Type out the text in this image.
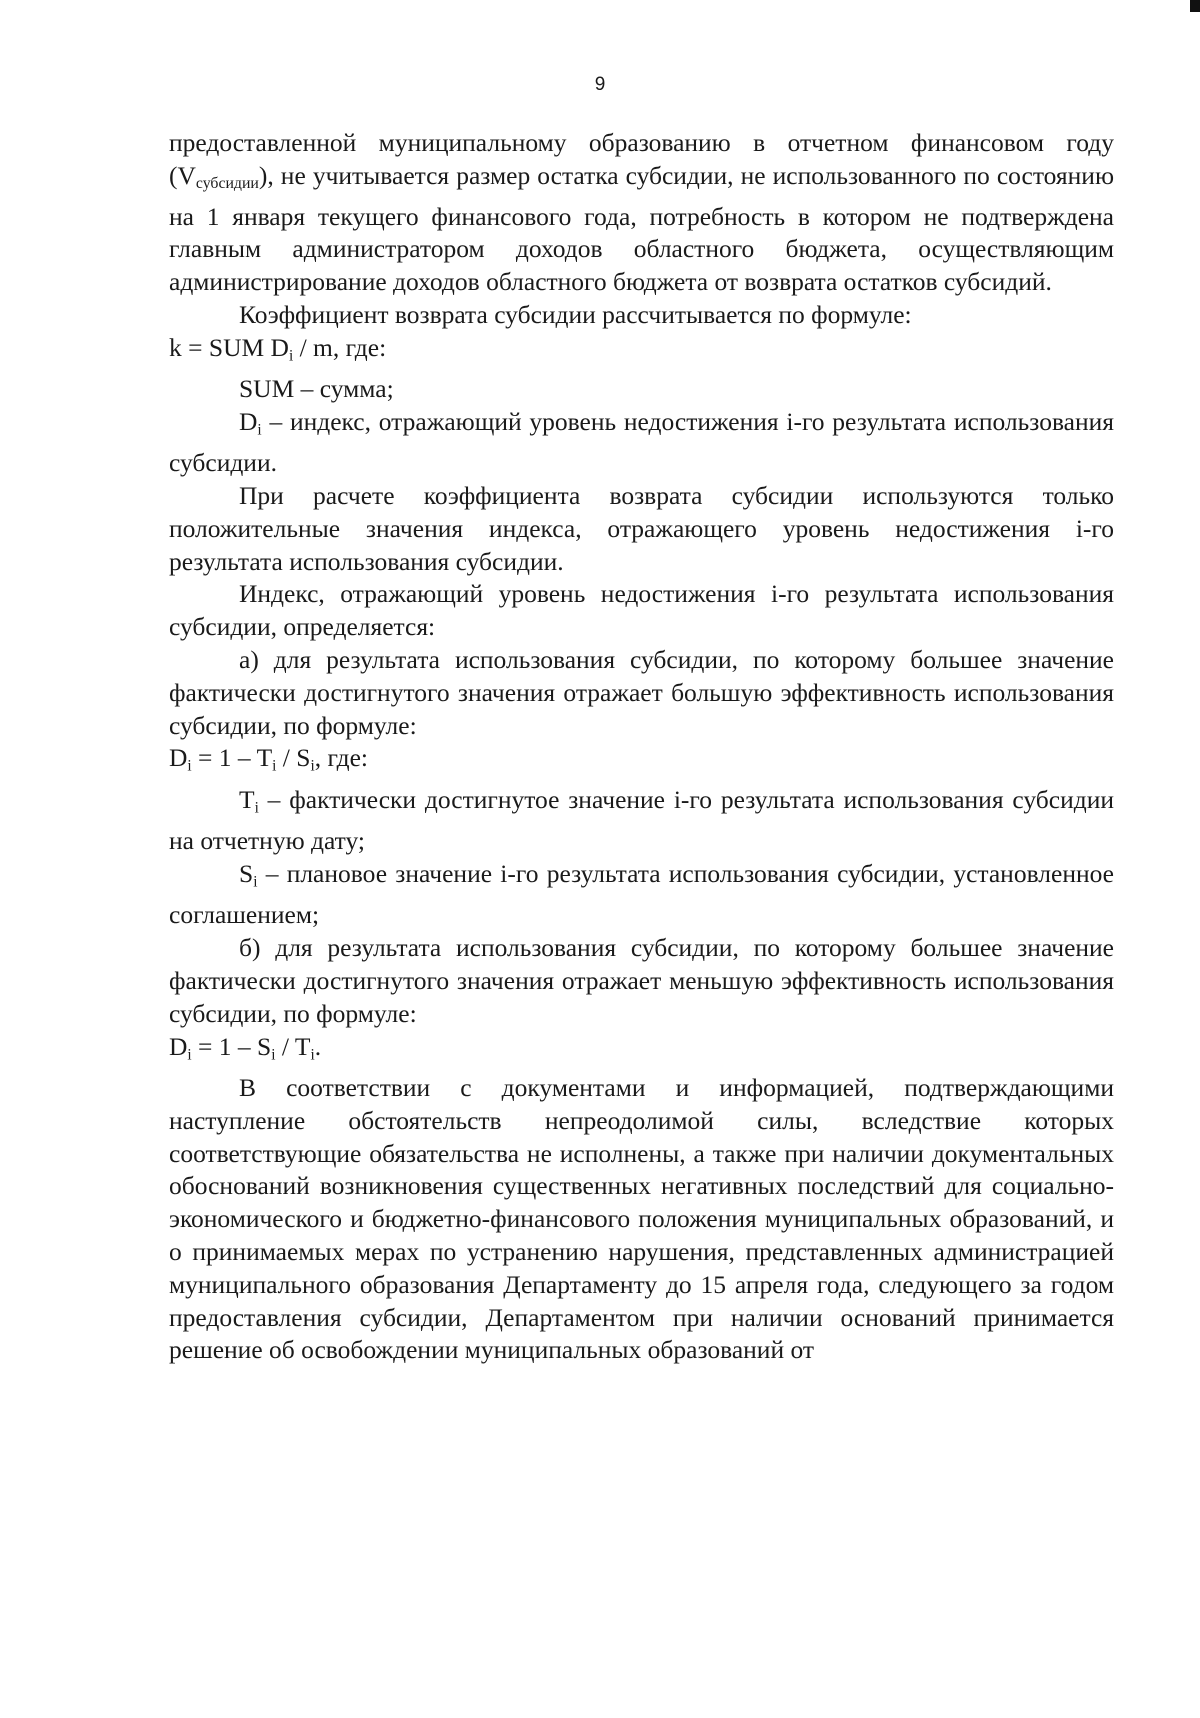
9

предоставленной муниципальному образованию в отчетном финансовом году (Vсубсидии), не учитывается размер остатка субсидии, не использованного по состоянию на 1 января текущего финансового года, потребность в котором не подтверждена главным администратором доходов областного бюджета, осуществляющим администрирование доходов областного бюджета от возврата остатков субсидий.

Коэффициент возврата субсидии рассчитывается по формуле:

k = SUM Di / m, где:

SUM – сумма;

Di – индекс, отражающий уровень недостижения i-го результата использования субсидии.

При расчете коэффициента возврата субсидии используются только положительные значения индекса, отражающего уровень недостижения i-го результата использования субсидии.

Индекс, отражающий уровень недостижения i-го результата использования субсидии, определяется:

а) для результата использования субсидии, по которому большее значение фактически достигнутого значения отражает большую эффективность использования субсидии, по формуле:

Di = 1 – Ti / Si, где:

Ti – фактически достигнутое значение i-го результата использования субсидии на отчетную дату;

Si – плановое значение i-го результата использования субсидии, установленное соглашением;

б) для результата использования субсидии, по которому большее значение фактически достигнутого значения отражает меньшую эффективность использования субсидии, по формуле:

Di = 1 – Si / Ti.

В соответствии с документами и информацией, подтверждающими наступление обстоятельств непреодолимой силы, вследствие которых соответствующие обязательства не исполнены, а также при наличии документальных обоснований возникновения существенных негативных последствий для социально-экономического и бюджетно-финансового положения муниципальных образований, и о принимаемых мерах по устранению нарушения, представленных администрацией муниципального образования Департаменту до 15 апреля года, следующего за годом предоставления субсидии, Департаментом при наличии оснований принимается решение об освобождении муниципальных образований от
